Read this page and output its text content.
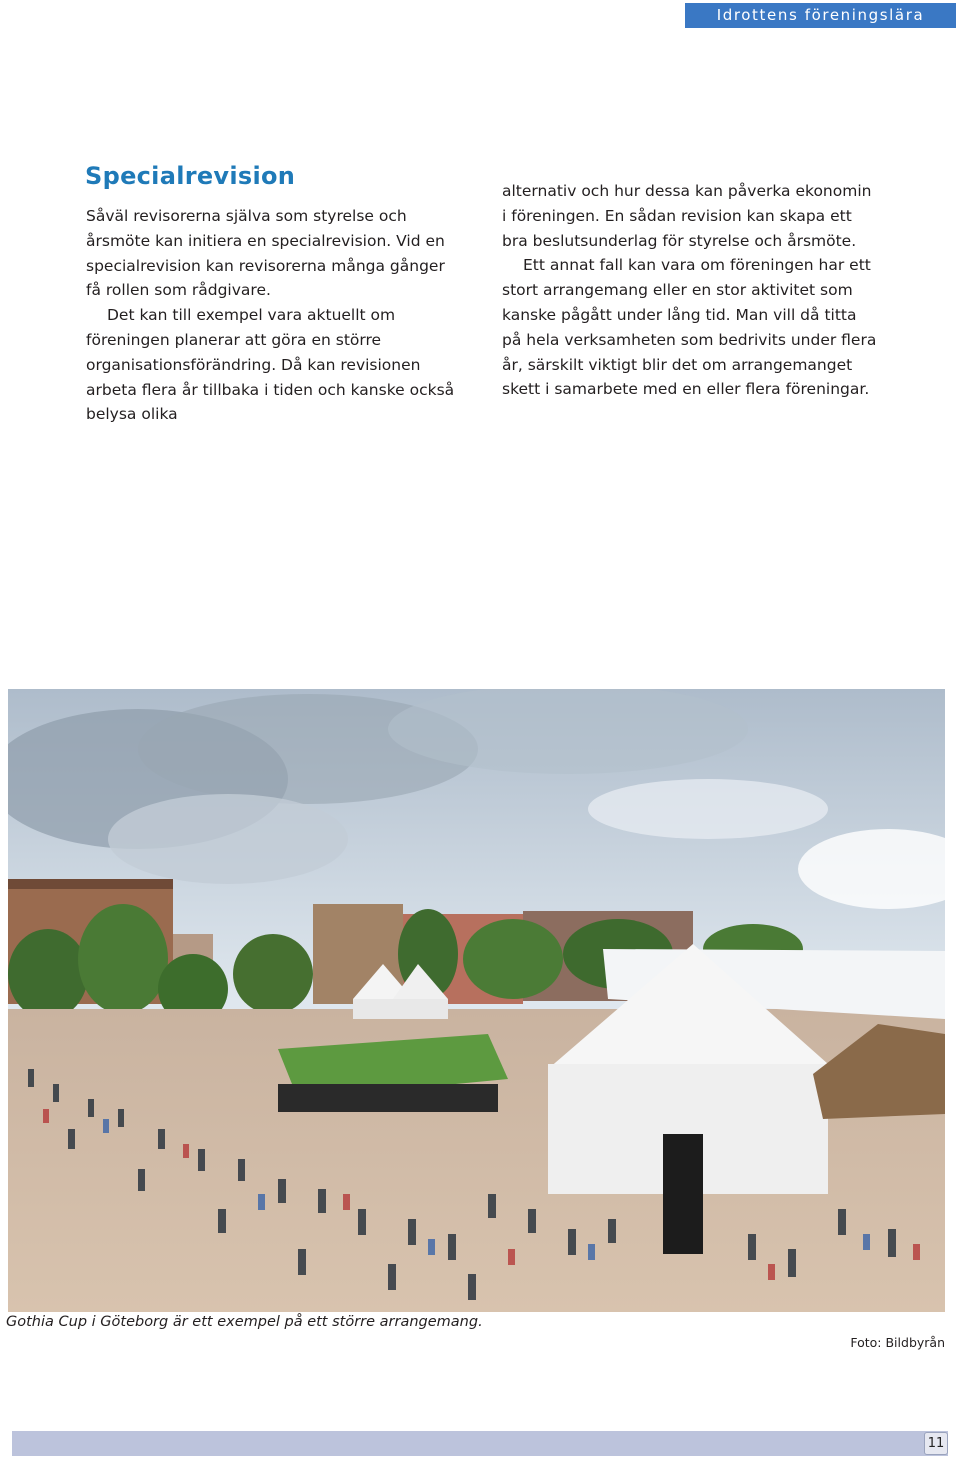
Idrottens föreningslära
Specialrevision

Såväl revisorerna själva som styrelse och årsmöte kan initiera en specialrevision. Vid en specialrevision kan revisorerna många gånger få rollen som rådgivare.

Det kan till exempel vara aktuellt om föreningen planerar att göra en större organisationsförändring. Då kan revisionen arbeta flera år tillbaka i tiden och kanske också belysa olika

alternativ och hur dessa kan påverka ekonomin i föreningen. En sådan revision kan skapa ett bra beslutsunderlag för styrelse och årsmöte.

Ett annat fall kan vara om föreningen har ett stort arrangemang eller en stor aktivitet som kanske pågått under lång tid. Man vill då titta på hela verksamheten som bedrivits under flera år, särskilt viktigt blir det om arrangemanget skett i samarbete med en eller flera föreningar.

Gothia Cup i Göteborg är ett exempel på ett större arrangemang.
Foto: Bildbyrån
11
